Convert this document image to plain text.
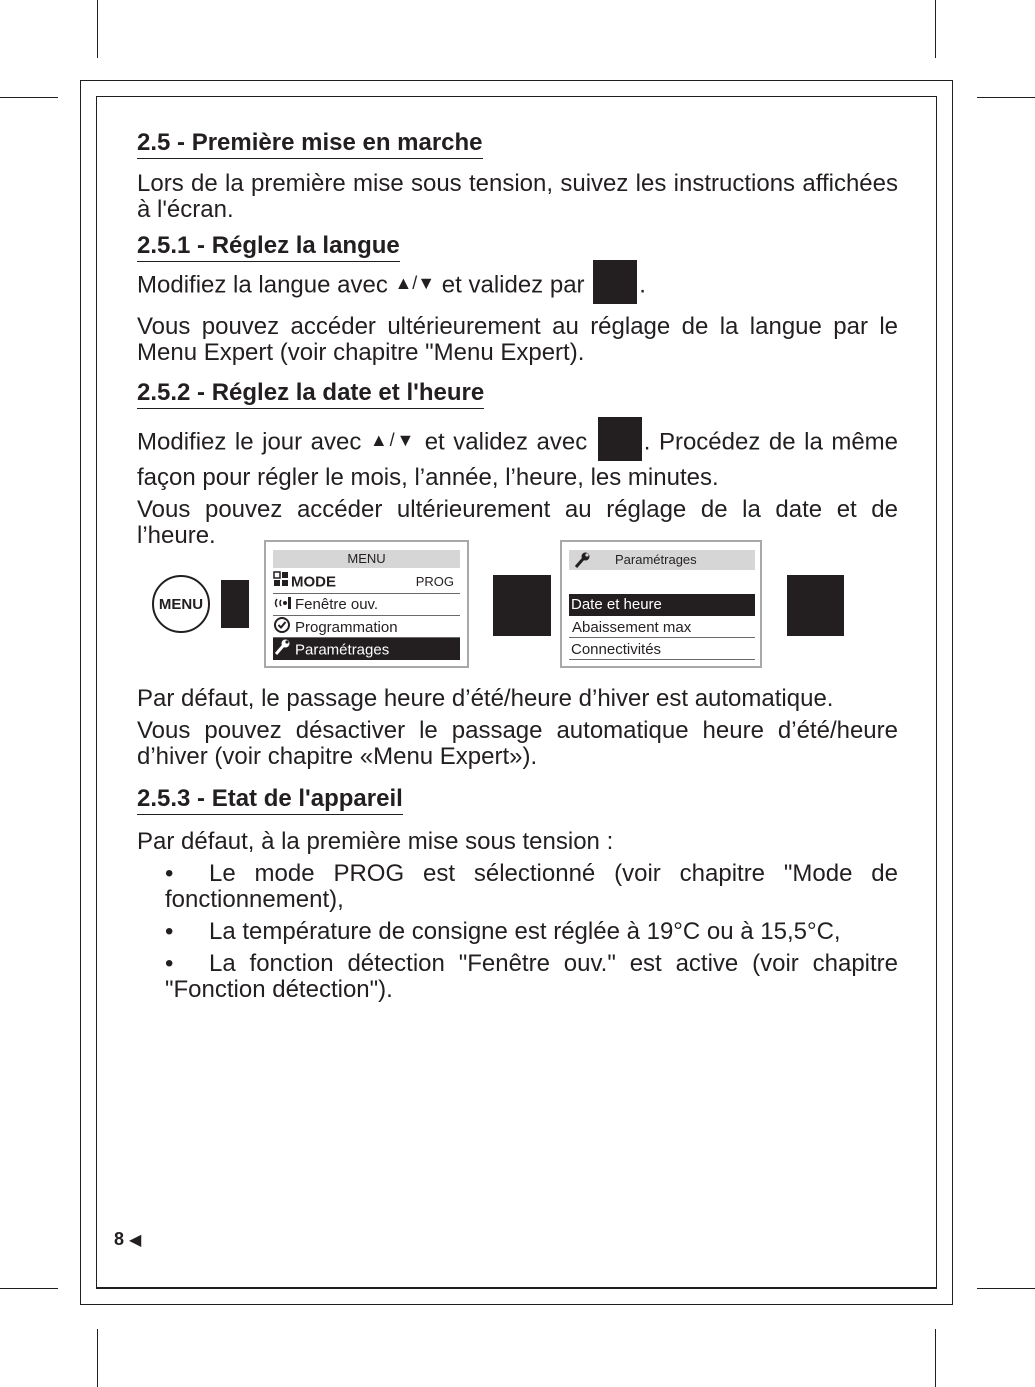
2.5 - Première mise en marche

Lors de la première mise sous tension, suivez les instructions affichées à l'écran.

2.5.1 - Réglez la langue

Modifiez la langue avec ▲/▼ et validez par .

Vous pouvez accéder ultérieurement au réglage de la langue par le Menu Expert (voir chapitre "Menu Expert).

2.5.2 - Réglez la date et l'heure

Modifiez le jour avec ▲/▼ et validez avec . Procédez de la même façon pour régler le mois, l’année, l’heure, les minutes.

Vous pouvez accéder ultérieurement au réglage de la date et de l’heure.

MENU
MENU
MODE	PROG
Fenêtre ouv.
Programmation
Paramétrages
Paramétrages
Date et heure
Abaissement max
Connectivités

Par défaut, le passage heure d’été/heure d’hiver est automatique.

Vous pouvez désactiver le passage automatique heure d’été/heure d’hiver (voir chapitre «Menu Expert»).

2.5.3 - Etat de l'appareil

Par défaut, à la première mise sous tension :

• Le mode PROG est sélectionné (voir chapitre "Mode de fonctionnement),
• La température de consigne est réglée à 19°C ou à 15,5°C,
• La fonction détection "Fenêtre ouv." est active (voir chapitre "Fonction détection").
8 ◀
